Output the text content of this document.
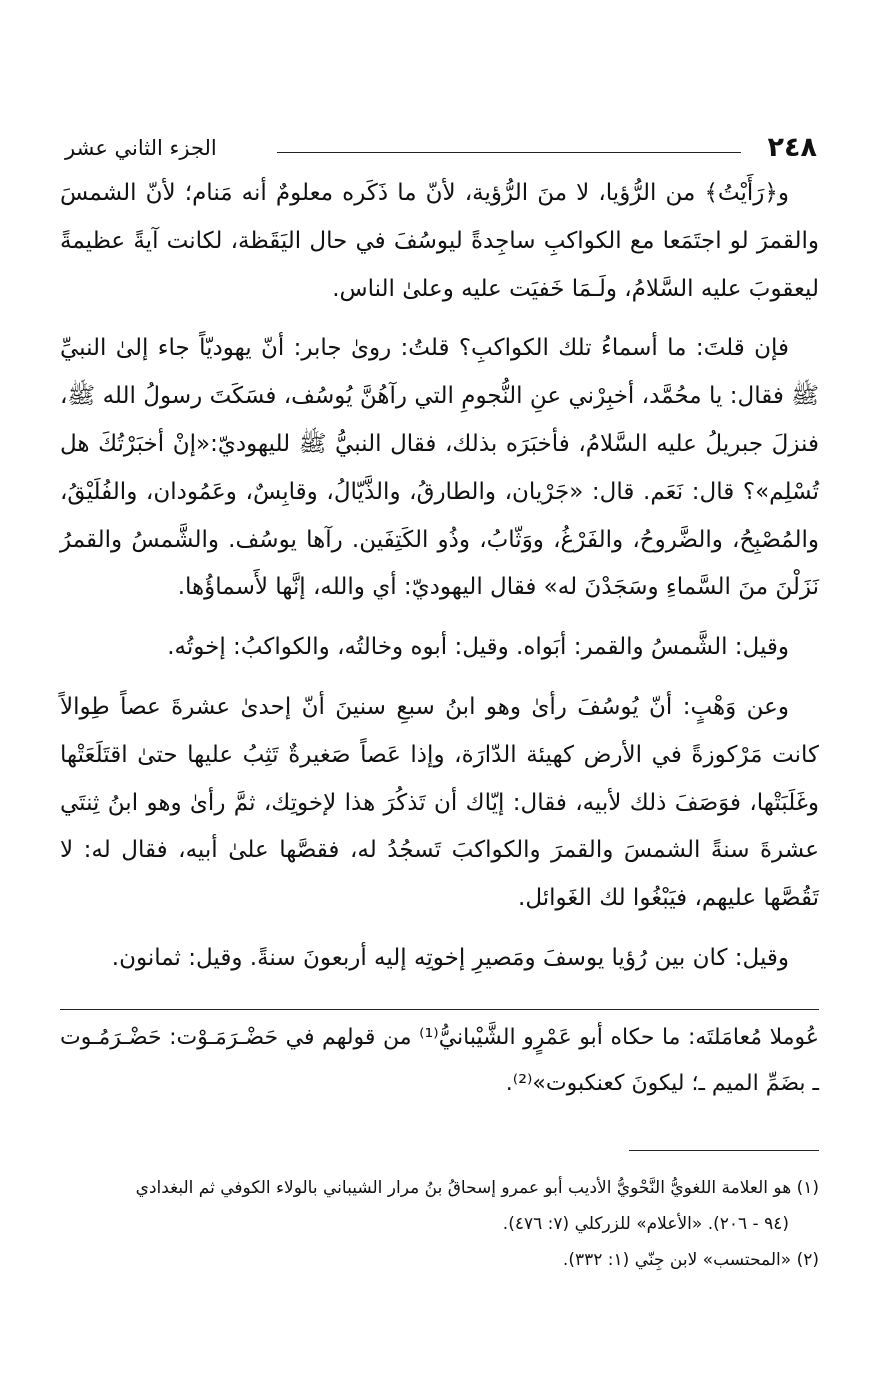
الجزء الثاني عشر	٢٤٨

و﴿رَأَيْتُ﴾ من الرُّؤيا، لا منَ الرُّؤية، لأنّ ما ذَكَره معلومٌ أنه مَنام؛ لأنّ الشمسَ والقمرَ لو اجتَمَعا مع الكواكبِ ساجِدةً ليوسُفَ في حال اليَقَظة، لكانت آيةً عظيمةً ليعقوبَ عليه السَّلامُ، ولَـمَا خَفيَت عليه وعلىٰ الناس.

فإن قلتَ: ما أسماءُ تلك الكواكبِ؟ قلتُ: روىٰ جابر: أنّ يهوديّاً جاء إلىٰ النبيِّ ﷺ فقال: يا محُمَّد، أخبِرْني عنِ النُّجومِ التي رآهُنَّ يُوسُف، فسَكَتَ رسولُ الله ﷺ، فنزلَ جبريلُ عليه السَّلامُ، فأخبَرَه بذلك، فقال النبيُّ ﷺ لليهوديّ:«إنْ أخبَرْتُكَ هل تُسْلِم»؟ قال: نَعَم. قال: «جَرْيان، والطارقُ، والذَّيّالُ، وقابِسٌ، وعَمُودان، والفُلَيْقُ، والمُصْبِحُ، والضَّروحُ، والفَرْغُ، ووَثّابُ، وذُو الكَتِفَين. رآها يوسُف. والشَّمسُ والقمرُ نَزَلْنَ منَ السَّماءِ وسَجَدْنَ له» فقال اليهوديّ: أي والله، إنَّها لأَسماؤُها.

وقيل: الشَّمسُ والقمر: أبَواه. وقيل: أبوه وخالتُه، والكواكبُ: إخوتُه.

وعن وَهْبٍ: أنّ يُوسُفَ رأىٰ وهو ابنُ سبعِ سنينَ أنّ إحدىٰ عشرةَ عصاً طِوالاً كانت مَرْكوزةً في الأرض كهيئة الدّارَة، وإذا عَصاً صَغيرةٌ تَثِبُ عليها حتىٰ اقتَلَعَتْها وغَلَبَتْها، فوَصَفَ ذلك لأبيه، فقال: إيّاك أن تَذكُرَ هذا لإخوتِك، ثمَّ رأىٰ وهو ابنُ ثِنتَي عشرةَ سنةً الشمسَ والقمرَ والكواكبَ تَسجُدُ له، فقصَّها علىٰ أبيه، فقال له: لا تَقُصَّها عليهم، فيَبْغُوا لك الغَوائل.

وقيل: كان بين رُؤيا يوسفَ ومَصيرِ إخوتِه إليه أربعونَ سنةً. وقيل: ثمانون.

عُوملا مُعامَلتَه: ما حكاه أبو عَمْرٍو الشَّيْبانيُّ⁽¹⁾ من قولهم في حَضْـرَمَـوْت: حَضْـرَمُـوت ـ بضَمِّ الميم ـ؛ ليكونَ كعنكبوت»⁽²⁾.

(١) هو العلامة اللغويُّ النَّحْويُّ الأديب أبو عمرو إسحاقُ بنُ مرار الشيباني بالولاء الكوفي ثم البغدادي

(٩٤ - ٢٠٦). «الأعلام» للزركلي (٧: ٤٧٦).

(٢) «المحتسب» لابن جِنّي (١: ٣٣٢).
